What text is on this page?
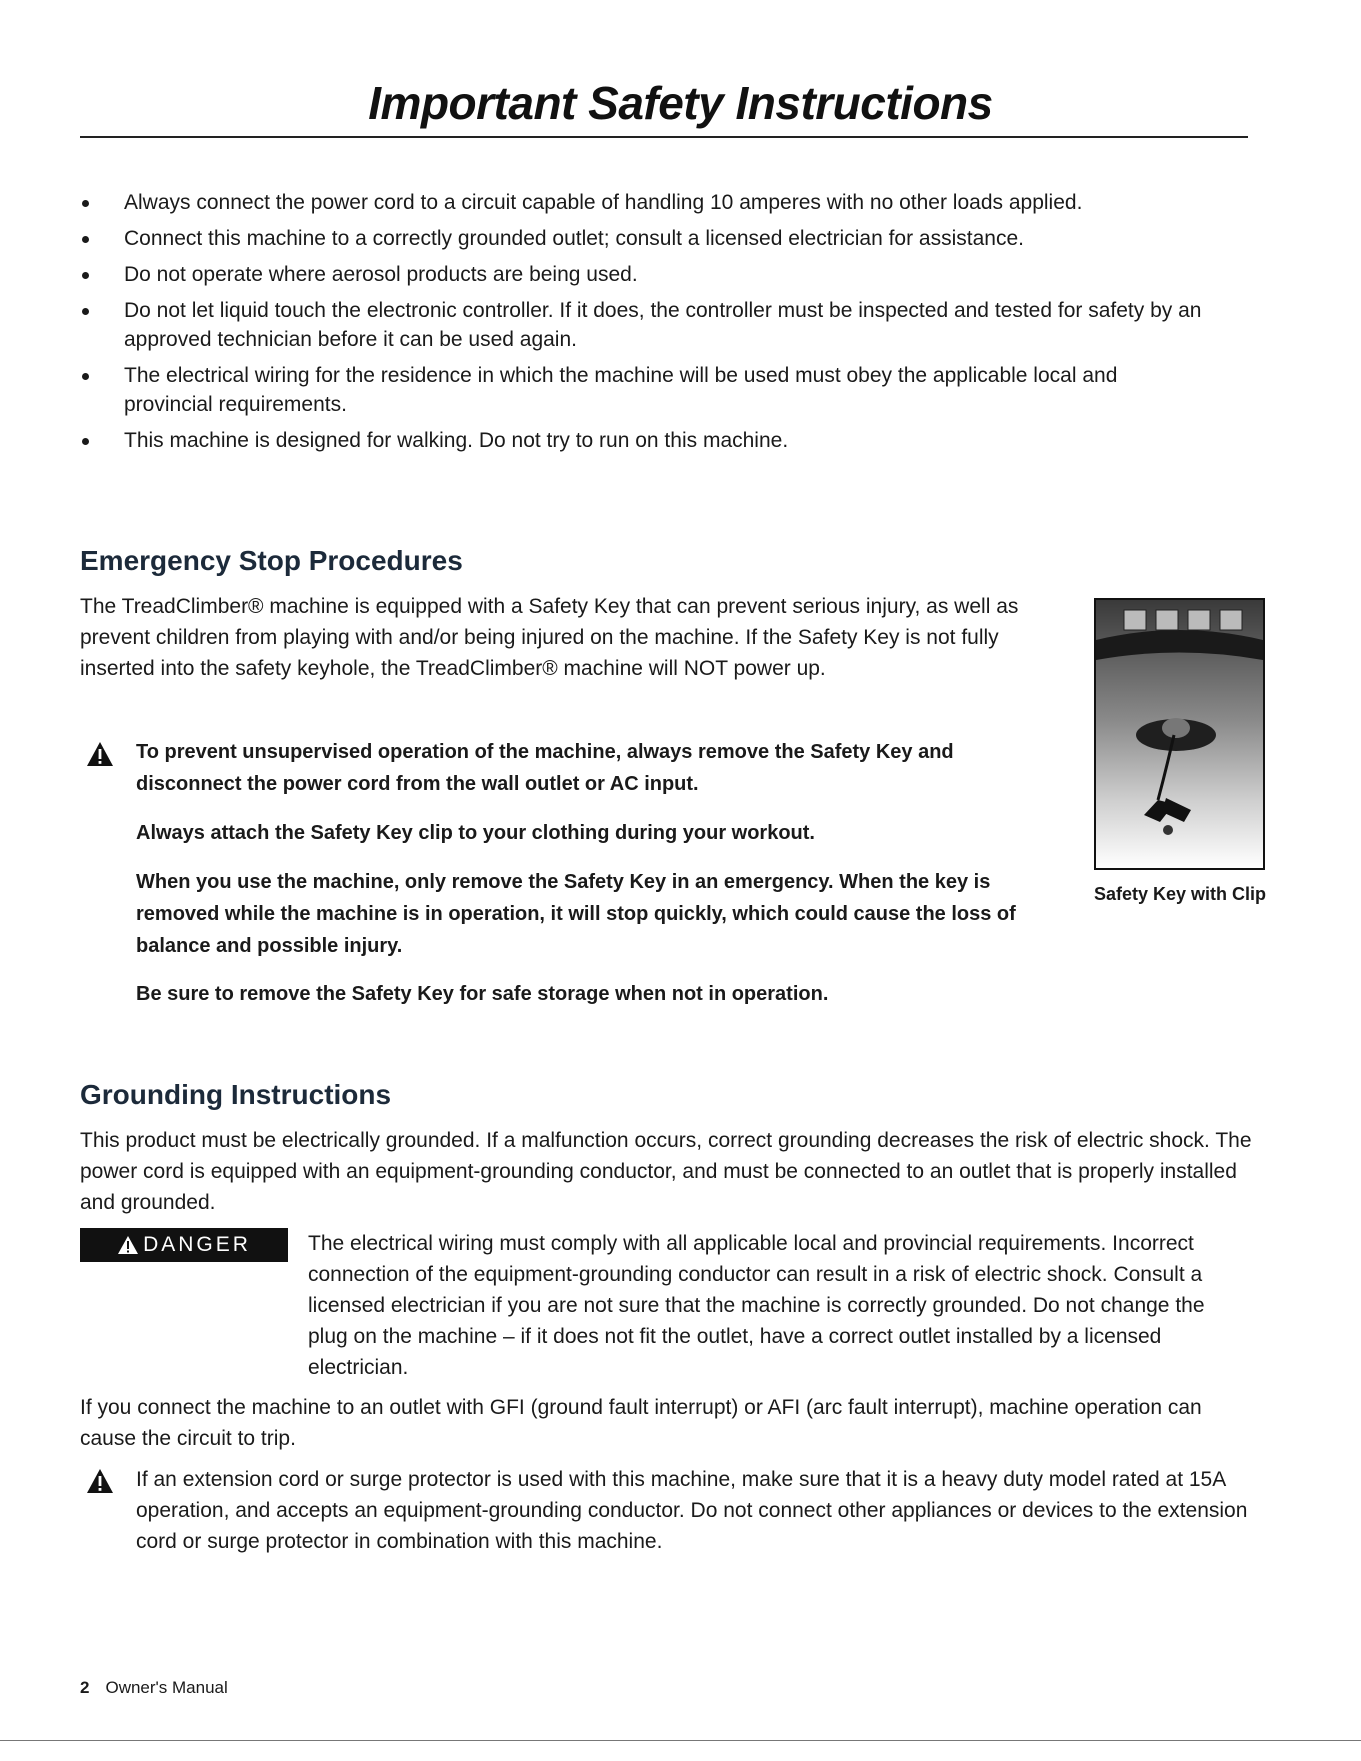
Important Safety Instructions
Always connect the power cord to a circuit capable of handling 10 amperes with no other loads applied.
Connect this machine to a correctly grounded outlet; consult a licensed electrician for assistance.
Do not operate where aerosol products are being used.
Do not let liquid touch the electronic controller. If it does, the controller must be inspected and tested for safety by an approved technician before it can be used again.
The electrical wiring for the residence in which the machine will be used must obey the applicable local and provincial requirements.
This machine is designed for walking. Do not try to run on this machine.
Emergency Stop Procedures
The TreadClimber® machine is equipped with a Safety Key that can prevent serious injury, as well as prevent children from playing with and/or being injured on the machine. If the Safety Key is not fully inserted into the safety keyhole, the TreadClimber® machine will NOT power up.
To prevent unsupervised operation of the machine, always remove the Safety Key and disconnect the power cord from the wall outlet or AC input.
Always attach the Safety Key clip to your clothing during your workout.
When you use the machine, only remove the Safety Key in an emergency. When the key is removed while the machine is in operation, it will stop quickly, which could cause the loss of balance and possible injury.
Be sure to remove the Safety Key for safe storage when not in operation.
Safety Key with Clip
Grounding Instructions
This product must be electrically grounded. If a malfunction occurs, correct grounding decreases the risk of electric shock. The power cord is equipped with an equipment-grounding conductor, and must be connected to an outlet that is properly installed and grounded.
DANGER	The electrical wiring must comply with all applicable local and provincial requirements. Incorrect connection of the equipment-grounding conductor can result in a risk of electric shock. Consult a licensed electrician if you are not sure that the machine is correctly grounded. Do not change the plug on the machine – if it does not fit the outlet, have a correct outlet installed by a licensed electrician.
If you connect the machine to an outlet with GFI (ground fault interrupt) or AFI (arc fault interrupt), machine operation can cause the circuit to trip.
If an extension cord or surge protector is used with this machine, make sure that it is a heavy duty model rated at 15A operation, and accepts an equipment-grounding conductor. Do not connect other appliances or devices to the extension cord or surge protector in combination with this machine.
2 Owner's Manual
